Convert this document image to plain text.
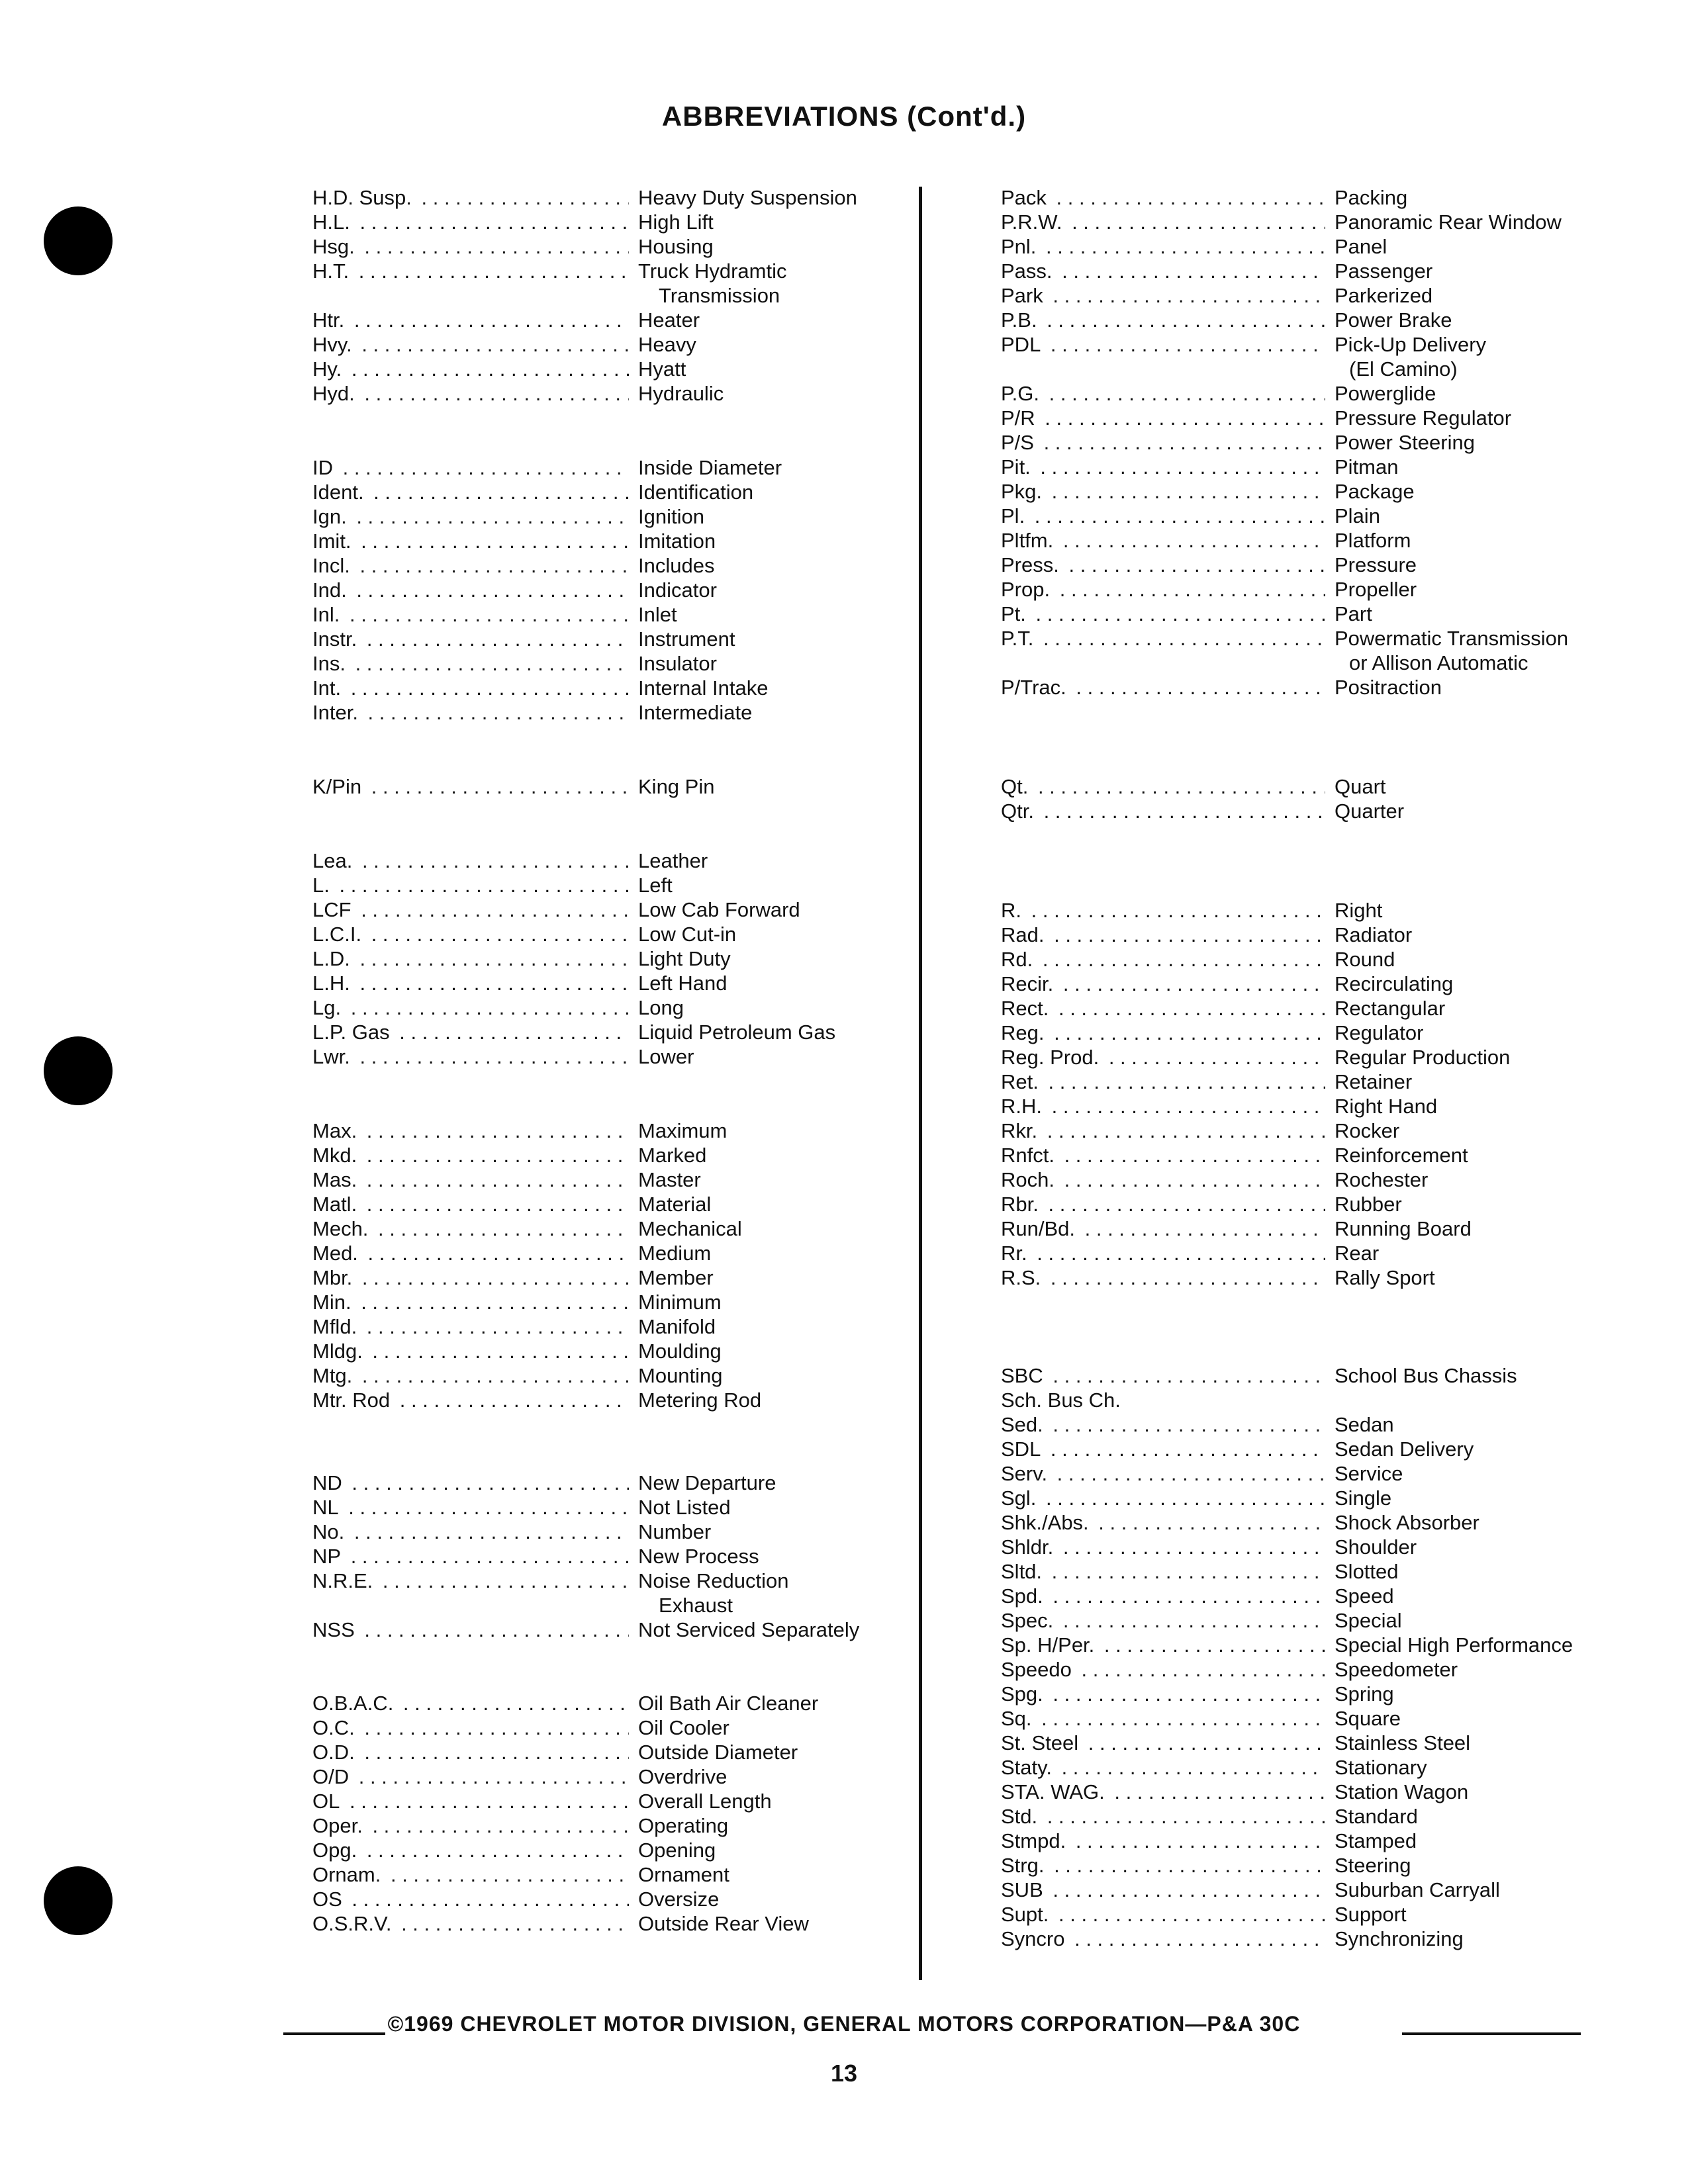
ABBREVIATIONS (Cont'd.)
©1969 CHEVROLET MOTOR DIVISION, GENERAL MOTORS CORPORATION—P&A 30C
13
H.D. Susp. . . .	Heavy Duty Suspension
H.L. . . .	High Lift
Hsg. . . .	Housing
H.T. . . .	Truck Hydramtic
Transmission
Htr. . . .	Heater
Hvy. . . .	Heavy
Hy. . . .	Hyatt
Hyd. . . .	Hydraulic
ID . . .	Inside Diameter
Ident. . . .	Identification
Ign. . . .	Ignition
Imit. . . .	Imitation
Incl. . . .	Includes
Ind. . . .	Indicator
Inl. . . .	Inlet
Instr. . . .	Instrument
Ins. . . .	Insulator
Int. . . .	Internal Intake
Inter. . . .	Intermediate
K/Pin . . .	King Pin
Lea. . . .	Leather
L. . . .	Left
LCF . . .	Low Cab Forward
L.C.I. . . .	Low Cut-in
L.D. . . .	Light Duty
L.H. . . .	Left Hand
Lg. . . .	Long
L.P. Gas . . .	Liquid Petroleum Gas
Lwr. . . .	Lower
Max. . . .	Maximum
Mkd. . . .	Marked
Mas. . . .	Master
Matl. . . .	Material
Mech. . . .	Mechanical
Med. . . .	Medium
Mbr. . . .	Member
Min. . . .	Minimum
Mfld. . . .	Manifold
Mldg. . . .	Moulding
Mtg. . . .	Mounting
Mtr. Rod . . .	Metering Rod
ND . . .	New Departure
NL . . .	Not Listed
No. . . .	Number
NP . . .	New Process
N.R.E. . . .	Noise Reduction
Exhaust
NSS . . .	Not Serviced Separately
O.B.A.C. . . .	Oil Bath Air Cleaner
O.C. . . .	Oil Cooler
O.D. . . .	Outside Diameter
O/D . . .	Overdrive
OL . . .	Overall Length
Oper. . . .	Operating
Opg. . . .	Opening
Ornam. . . .	Ornament
OS . . .	Oversize
O.S.R.V. . . .	Outside Rear View
Pack . . .	Packing
P.R.W. . . .	Panoramic Rear Window
Pnl. . . .	Panel
Pass. . . .	Passenger
Park . . .	Parkerized
P.B. . . .	Power Brake
PDL . . .	Pick-Up Delivery
(El Camino)
P.G. . . .	Powerglide
P/R . . .	Pressure Regulator
P/S . . .	Power Steering
Pit. . . .	Pitman
Pkg. . . .	Package
Pl. . . .	Plain
Pltfm. . . .	Platform
Press. . . .	Pressure
Prop. . . .	Propeller
Pt. . . .	Part
P.T. . . .	Powermatic Transmission
or Allison Automatic
P/Trac. . . .	Positraction
Qt. . . .	Quart
Qtr. . . .	Quarter
R. . . .	Right
Rad. . . .	Radiator
Rd. . . .	Round
Recir. . . .	Recirculating
Rect. . . .	Rectangular
Reg. . . .	Regulator
Reg. Prod. . . .	Regular Production
Ret. . . .	Retainer
R.H. . . .	Right Hand
Rkr. . . .	Rocker
Rnfct. . . .	Reinforcement
Roch. . . .	Rochester
Rbr. . . .	Rubber
Run/Bd. . . .	Running Board
Rr. . . .	Rear
R.S. . . .	Rally Sport
SBC . . .	School Bus Chassis
Sch. Bus Ch.
Sed. . . .	Sedan
SDL . . .	Sedan Delivery
Serv. . . .	Service
Sgl. . . .	Single
Shk./Abs. . . .	Shock Absorber
Shldr. . . .	Shoulder
Sltd. . . .	Slotted
Spd. . . .	Speed
Spec. . . .	Special
Sp. H/Per. . . .	Special High Performance
Speedo . . .	Speedometer
Spg. . . .	Spring
Sq. . . .	Square
St. Steel . . .	Stainless Steel
Staty. . . .	Stationary
STA. WAG. . . .	Station Wagon
Std. . . .	Standard
Stmpd. . . .	Stamped
Strg. . . .	Steering
SUB . . .	Suburban Carryall
Supt. . . .	Support
Syncro . . .	Synchronizing
